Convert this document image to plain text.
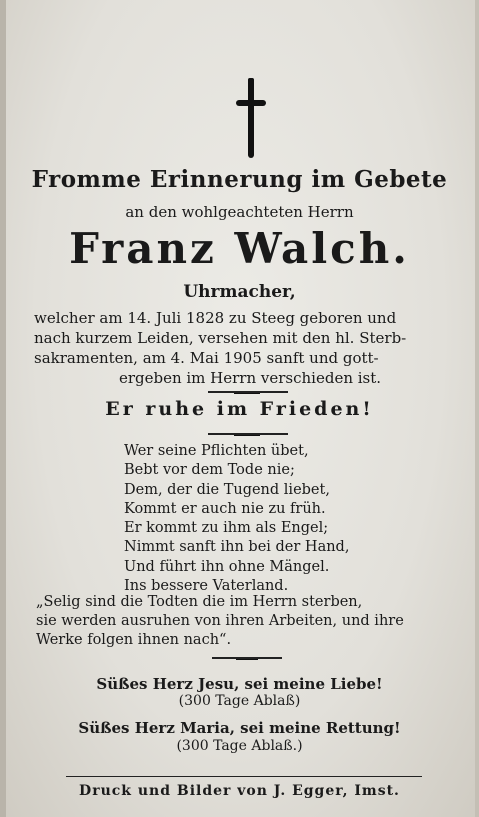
Fromme Erinnerung im Gebete
an den wohlgeachteten Herrn
Franz Walch.
Uhrmacher,
welcher am 14. Juli 1828 zu Steeg geboren und
nach kurzem Leiden, versehen mit den hl. Sterb-
sakramenten, am 4. Mai 1905 sanft und gott-
ergeben im Herrn verschieden ist.
Er ruhe im Frieden!
Wer seine Pflichten übet,
Bebt vor dem Tode nie;
Dem, der die Tugend liebet,
Kommt er auch nie zu früh.
Er kommt zu ihm als Engel;
Nimmt sanft ihn bei der Hand,
Und führt ihn ohne Mängel.
Ins bessere Vaterland.
„Selig sind die Todten die im Herrn sterben,
sie werden ausruhen von ihren Arbeiten, und ihre
Werke folgen ihnen nach“.
Süßes Herz Jesu, sei meine Liebe!
(300 Tage Ablaß)
Süßes Herz Maria, sei meine Rettung!
(300 Tage Ablaß.)
Druck und Bilder von J. Egger, Imst.
